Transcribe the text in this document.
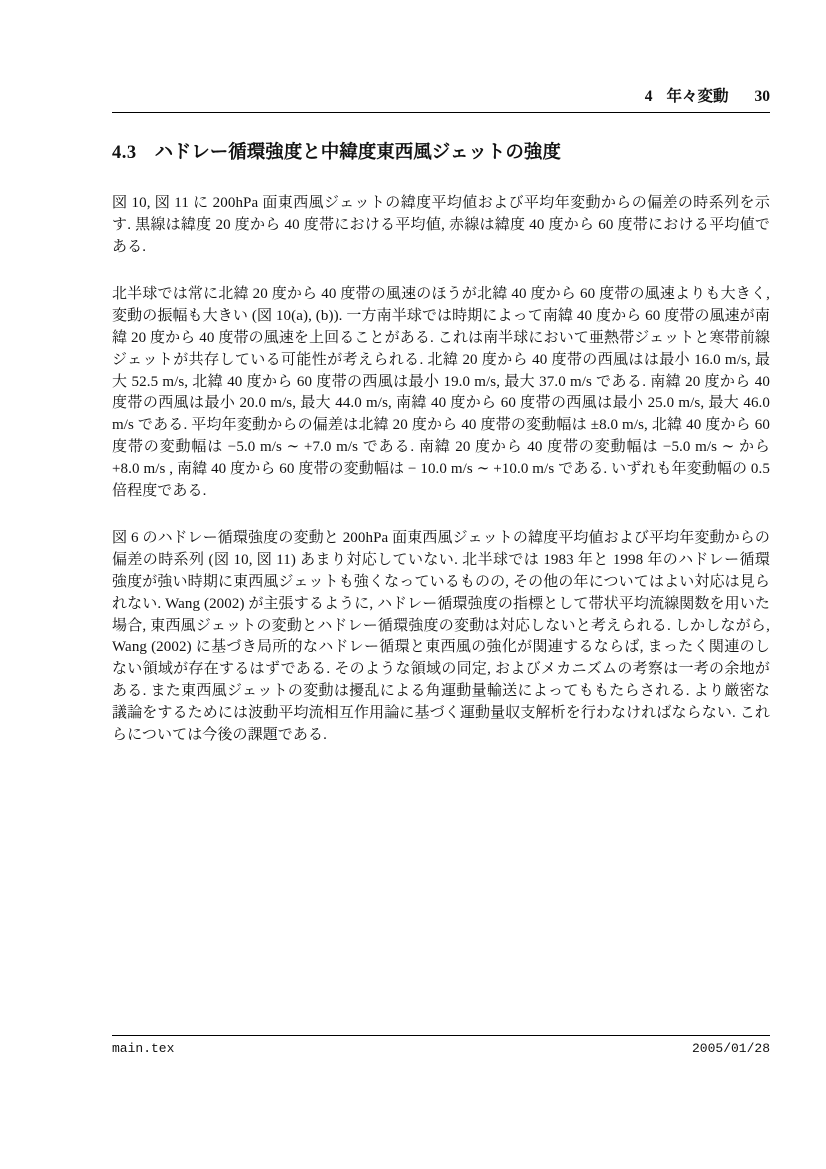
4 年々変動 30
4.3 ハドレー循環強度と中緯度東西風ジェットの強度

図 10, 図 11 に 200hPa 面東西風ジェットの緯度平均値および平均年変動からの偏差の時系列を示す. 黒線は緯度 20 度から 40 度帯における平均値, 赤線は緯度 40 度から 60 度帯における平均値である.

北半球では常に北緯 20 度から 40 度帯の風速のほうが北緯 40 度から 60 度帯の風速よりも大きく, 変動の振幅も大きい (図 10(a), (b)). 一方南半球では時期によって南緯 40 度から 60 度帯の風速が南緯 20 度から 40 度帯の風速を上回ることがある. これは南半球において亜熱帯ジェットと寒帯前線ジェットが共存している可能性が考えられる. 北緯 20 度から 40 度帯の西風はは最小 16.0 m/s, 最大 52.5 m/s, 北緯 40 度から 60 度帯の西風は最小 19.0 m/s, 最大 37.0 m/s である. 南緯 20 度から 40 度帯の西風は最小 20.0 m/s, 最大 44.0 m/s, 南緯 40 度から 60 度帯の西風は最小 25.0 m/s, 最大 46.0 m/s である. 平均年変動からの偏差は北緯 20 度から 40 度帯の変動幅は ±8.0 m/s, 北緯 40 度から 60 度帯の変動幅は −5.0 m/s ∼ +7.0 m/s である. 南緯 20 度から 40 度帯の変動幅は −5.0 m/s ∼ から +8.0 m/s , 南緯 40 度から 60 度帯の変動幅は − 10.0 m/s ∼ +10.0 m/s である. いずれも年変動幅の 0.5 倍程度である.

図 6 のハドレー循環強度の変動と 200hPa 面東西風ジェットの緯度平均値および平均年変動からの偏差の時系列 (図 10, 図 11) あまり対応していない. 北半球では 1983 年と 1998 年のハドレー循環強度が強い時期に東西風ジェットも強くなっているものの, その他の年についてはよい対応は見られない. Wang (2002) が主張するように, ハドレー循環強度の指標として帯状平均流線関数を用いた場合, 東西風ジェットの変動とハドレー循環強度の変動は対応しないと考えられる. しかしながら, Wang (2002) に基づき局所的なハドレー循環と東西風の強化が関連するならば, まったく関連のしない領域が存在するはずである. そのような領域の同定, およびメカニズムの考察は一考の余地がある. また東西風ジェットの変動は擾乱による角運動量輸送によってももたらされる. より厳密な議論をするためには波動平均流相互作用論に基づく運動量収支解析を行わなければならない. これらについては今後の課題である.

main.tex	2005/01/28
